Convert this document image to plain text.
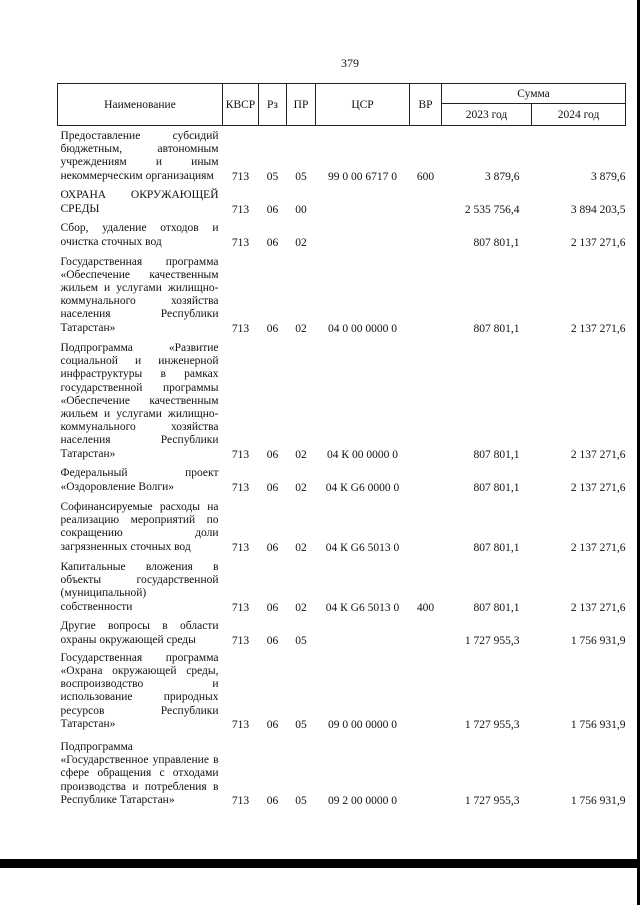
379
Наименование	КВСР	Рз	ПР	ЦСР	ВР	Сумма	
						2023 год	2024 год
Предоставление субсидий бюджетным, автономным учреждениям и иным некоммерческим организациям	713	05	05	99 0 00 6717 0	600	3 879,6	3 879,6
ОХРАНА ОКРУЖАЮЩЕЙ СРЕДЫ	713	06	00			2 535 756,4	3 894 203,5
Сбор, удаление отходов и очистка сточных вод	713	06	02			807 801,1	2 137 271,6
Государственная программа «Обеспечение качественным жильем и услугами жилищно-коммунального хозяйства населения Республики Татарстан»	713	06	02	04 0 00 0000 0		807 801,1	2 137 271,6
Подпрограмма «Развитие социальной и инженерной инфраструктуры в рамках государственной программы «Обеспечение качественным жильем и услугами жилищно-коммунального хозяйства населения Республики Татарстан»	713	06	02	04 К 00 0000 0		807 801,1	2 137 271,6
Федеральный проект «Оздоровление Волги»	713	06	02	04 К G6 0000 0		807 801,1	2 137 271,6
Софинансируемые расходы на реализацию мероприятий по сокращению доли загрязненных сточных вод	713	06	02	04 К G6 5013 0		807 801,1	2 137 271,6
Капитальные вложения в объекты государственной (муниципальной) собственности	713	06	02	04 К G6 5013 0	400	807 801,1	2 137 271,6
Другие вопросы в области охраны окружающей среды	713	06	05			1 727 955,3	1 756 931,9
Государственная программа «Охрана окружающей среды, воспроизводство и использование природных ресурсов Республики Татарстан»	713	06	05	09 0 00 0000 0		1 727 955,3	1 756 931,9
Подпрограмма «Государственное управление в сфере обращения с отходами производства и потребления в Республике Татарстан»	713	06	05	09 2 00 0000 0		1 727 955,3	1 756 931,9
